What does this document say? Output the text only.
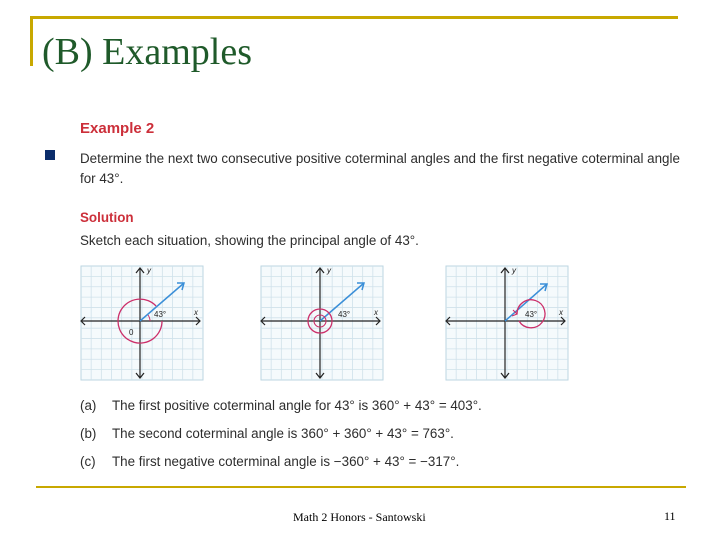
(B) Examples
Example 2
Determine the next two consecutive positive coterminal angles and the first negative coterminal angle for 43°.
Solution
Sketch each situation, showing the principal angle of 43°.
y
x
43°
0
y
x
43°
y
x
43°
(a) The first positive coterminal angle for 43° is 360° + 43° = 403°.
(b) The second coterminal angle is 360° + 360° + 43° = 763°.
(c) The first negative coterminal angle is −360° + 43° = −317°.
Math 2 Honors - Santowski	11
